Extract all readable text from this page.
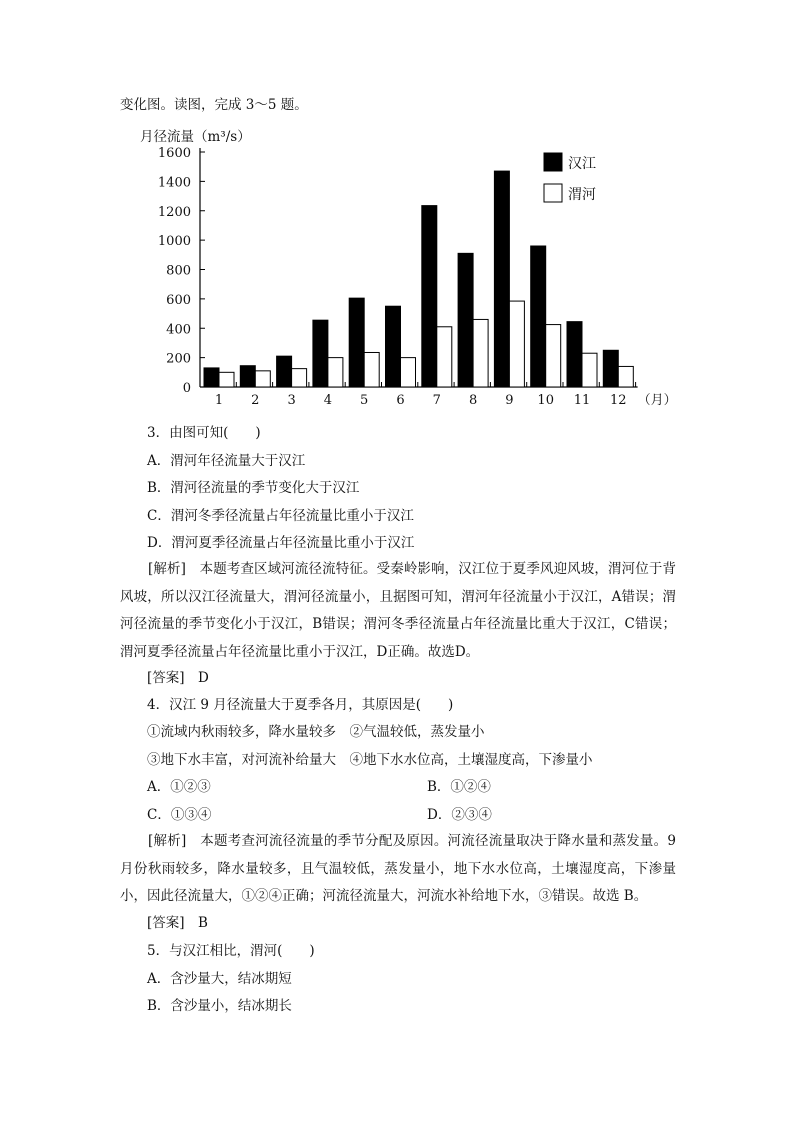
变化图。读图，完成 3～5 题。
月径流量（m³/s）
1600
1400
1200
1000
800
600
400
200
0
1 2 3 4 5 6 7 8 9 10 11 12 （月）
汉江
渭河
3．由图可知(　　)
A．渭河年径流量大于汉江
B．渭河径流量的季节变化大于汉江
C．渭河冬季径流量占年径流量比重小于汉江
D．渭河夏季径流量占年径流量比重小于汉江
[解析]　本题考查区域河流径流特征。受秦岭影响，汉江位于夏季风迎风坡，渭河位于背风坡，所以汉江径流量大，渭河径流量小，且据图可知，渭河年径流量小于汉江，A错误；渭河径流量的季节变化小于汉江，B错误；渭河冬季径流量占年径流量比重大于汉江，C错误；渭河夏季径流量占年径流量比重小于汉江，D正确。故选D。
[答案]　D
4．汉江 9 月径流量大于夏季各月，其原因是(　　)
①流域内秋雨较多，降水量较多　②气温较低，蒸发量小
③地下水丰富，对河流补给量大　④地下水水位高，土壤湿度高，下渗量小
A．①②③	B．①②④
C．①③④	D．②③④
[解析]　本题考查河流径流量的季节分配及原因。河流径流量取决于降水量和蒸发量。9 月份秋雨较多，降水量较多，且气温较低，蒸发量小，地下水水位高，土壤湿度高，下渗量小，因此径流量大，①②④正确；河流径流量大，河流水补给地下水，③错误。故选 B。
[答案]　B
5．与汉江相比，渭河(　　)
A．含沙量大，结冰期短
B．含沙量小，结冰期长
